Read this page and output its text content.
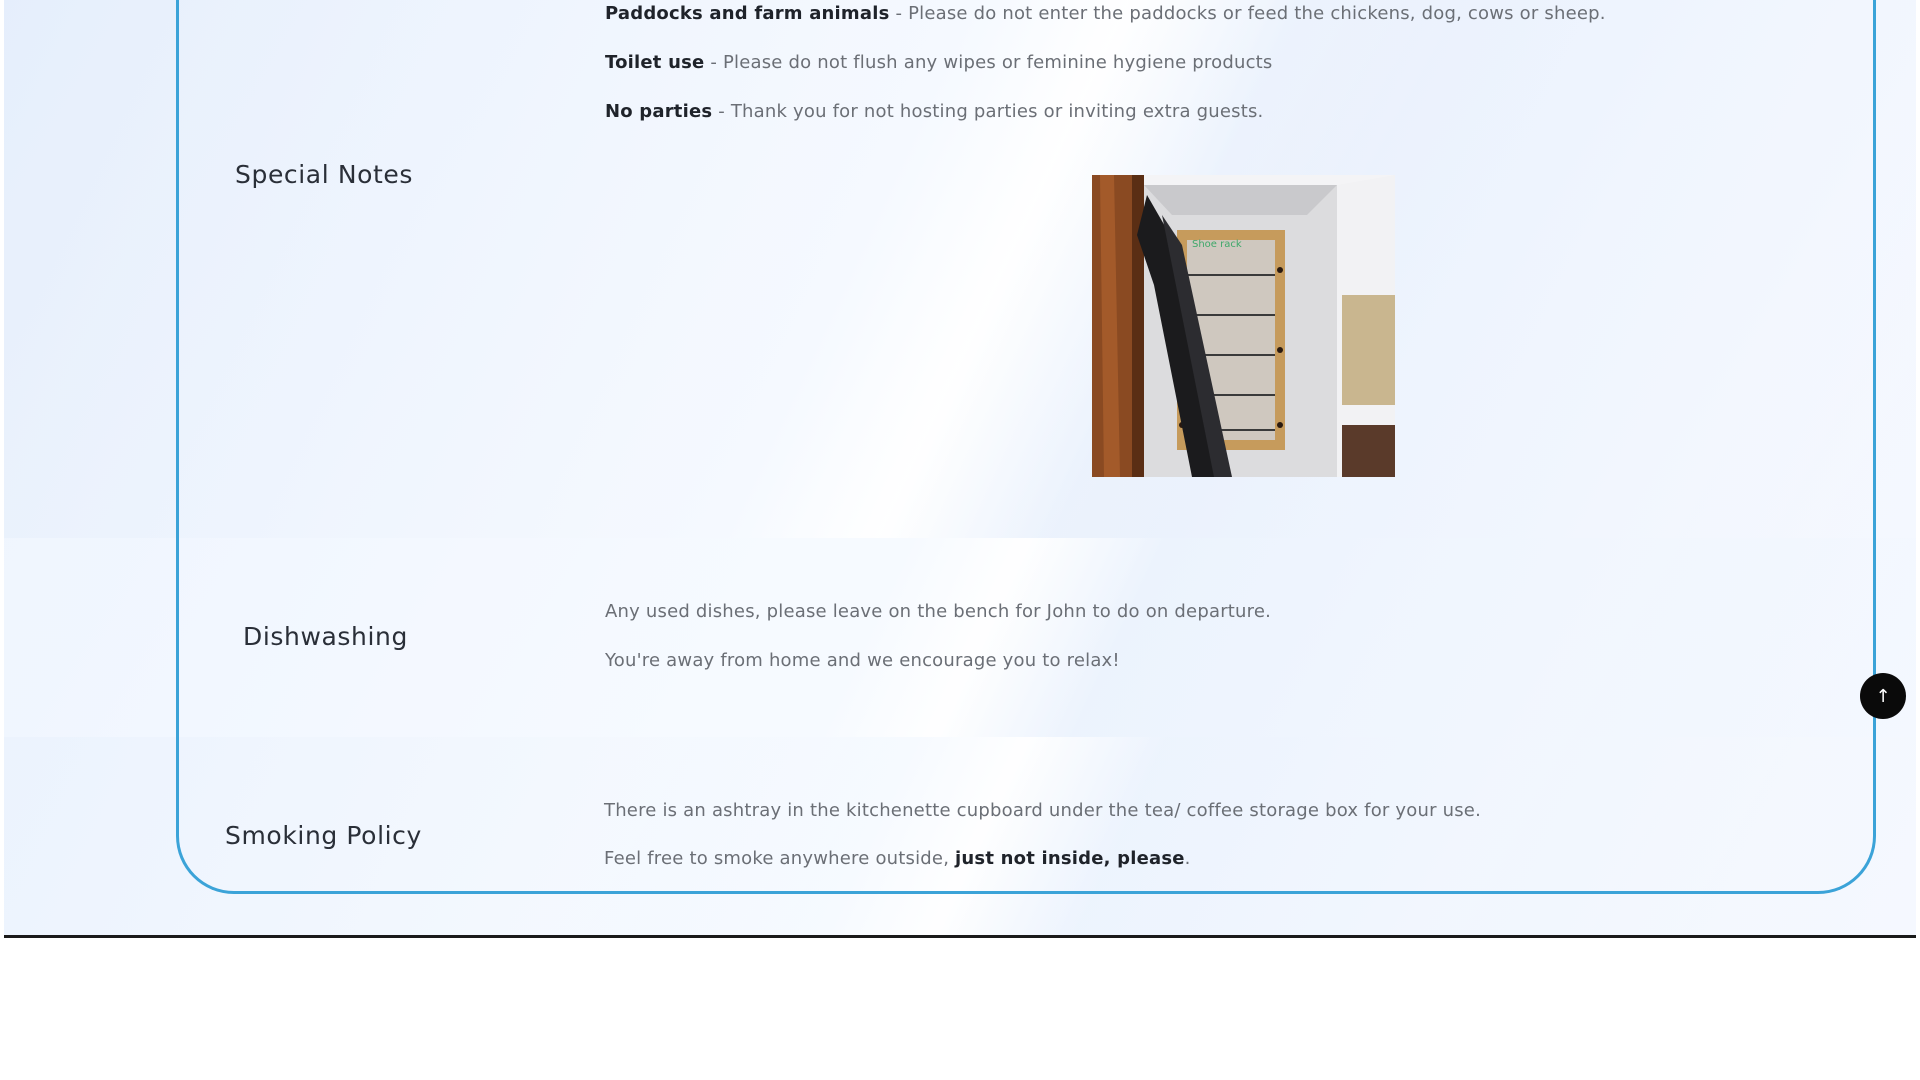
Special Notes
Paddocks and farm animals - Please do not enter the paddocks or feed the chickens, dog, cows or sheep.
Toilet use - Please do not flush any wipes or feminine hygiene products
No parties - Thank you for not hosting parties or inviting extra guests.
Shoe rack
Dishwashing
Any used dishes, please leave on the bench for John to do on departure.
You're away from home and we encourage you to relax!
Smoking Policy
There is an ashtray in the kitchenette cupboard under the tea/ coffee storage box for your use.
Feel free to smoke anywhere outside, just not inside, please.
↑
